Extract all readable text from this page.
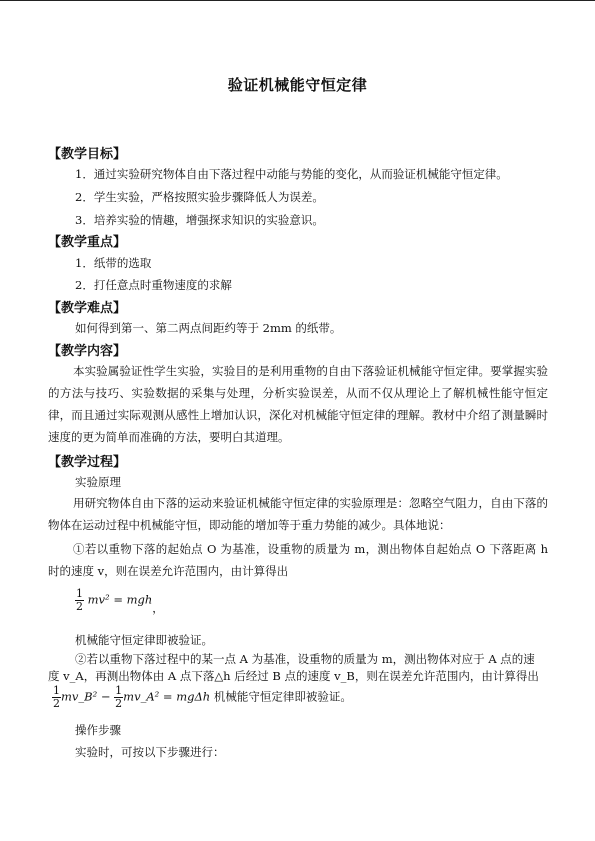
验证机械能守恒定律
【教学目标】
1．通过实验研究物体自由下落过程中动能与势能的变化，从而验证机械能守恒定律。
2．学生实验，严格按照实验步骤降低人为误差。
3．培养实验的情趣，增强探求知识的实验意识。
【教学重点】
1．纸带的选取
2．打任意点时重物速度的求解
【教学难点】
如何得到第一、第二两点间距约等于 2mm 的纸带。
【教学内容】
本实验属验证性学生实验，实验目的是利用重物的自由下落验证机械能守恒定律。要掌握实验的方法与技巧、实验数据的采集与处理，分析实验误差，从而不仅从理论上了解机械性能守恒定律，而且通过实际观测从感性上增加认识，深化对机械能守恒定律的理解。教材中介绍了测量瞬时速度的更为简单而准确的方法，要明白其道理。
【教学过程】
实验原理
用研究物体自由下落的运动来验证机械能守恒定律的实验原理是：忽略空气阻力，自由下落的物体在运动过程中机械能守恒，即动能的增加等于重力势能的减少。具体地说：
①若以重物下落的起始点 O 为基准，设重物的质量为 m，测出物体自起始点 O 下落距离 h 时的速度 v，则在误差允许范围内，由计算得出
$\frac{1}{2} mv^2$ = mgh，
机械能守恒定律即被验证。
②若以重物下落过程中的某一点 A 为基准，设重物的质量为 m，测出物体对应于 A 点的速
度 v_A，再测出物体由 A 点下落△h 后经过 B 点的速度 v_B，则在误差允许范围内，由计算得出
$\frac{1}{2}$ mv_B² − $\frac{1}{2}$ mv_A² = mgΔh 机械能守恒定律即被验证。
操作步骤
实验时，可按以下步骤进行：
